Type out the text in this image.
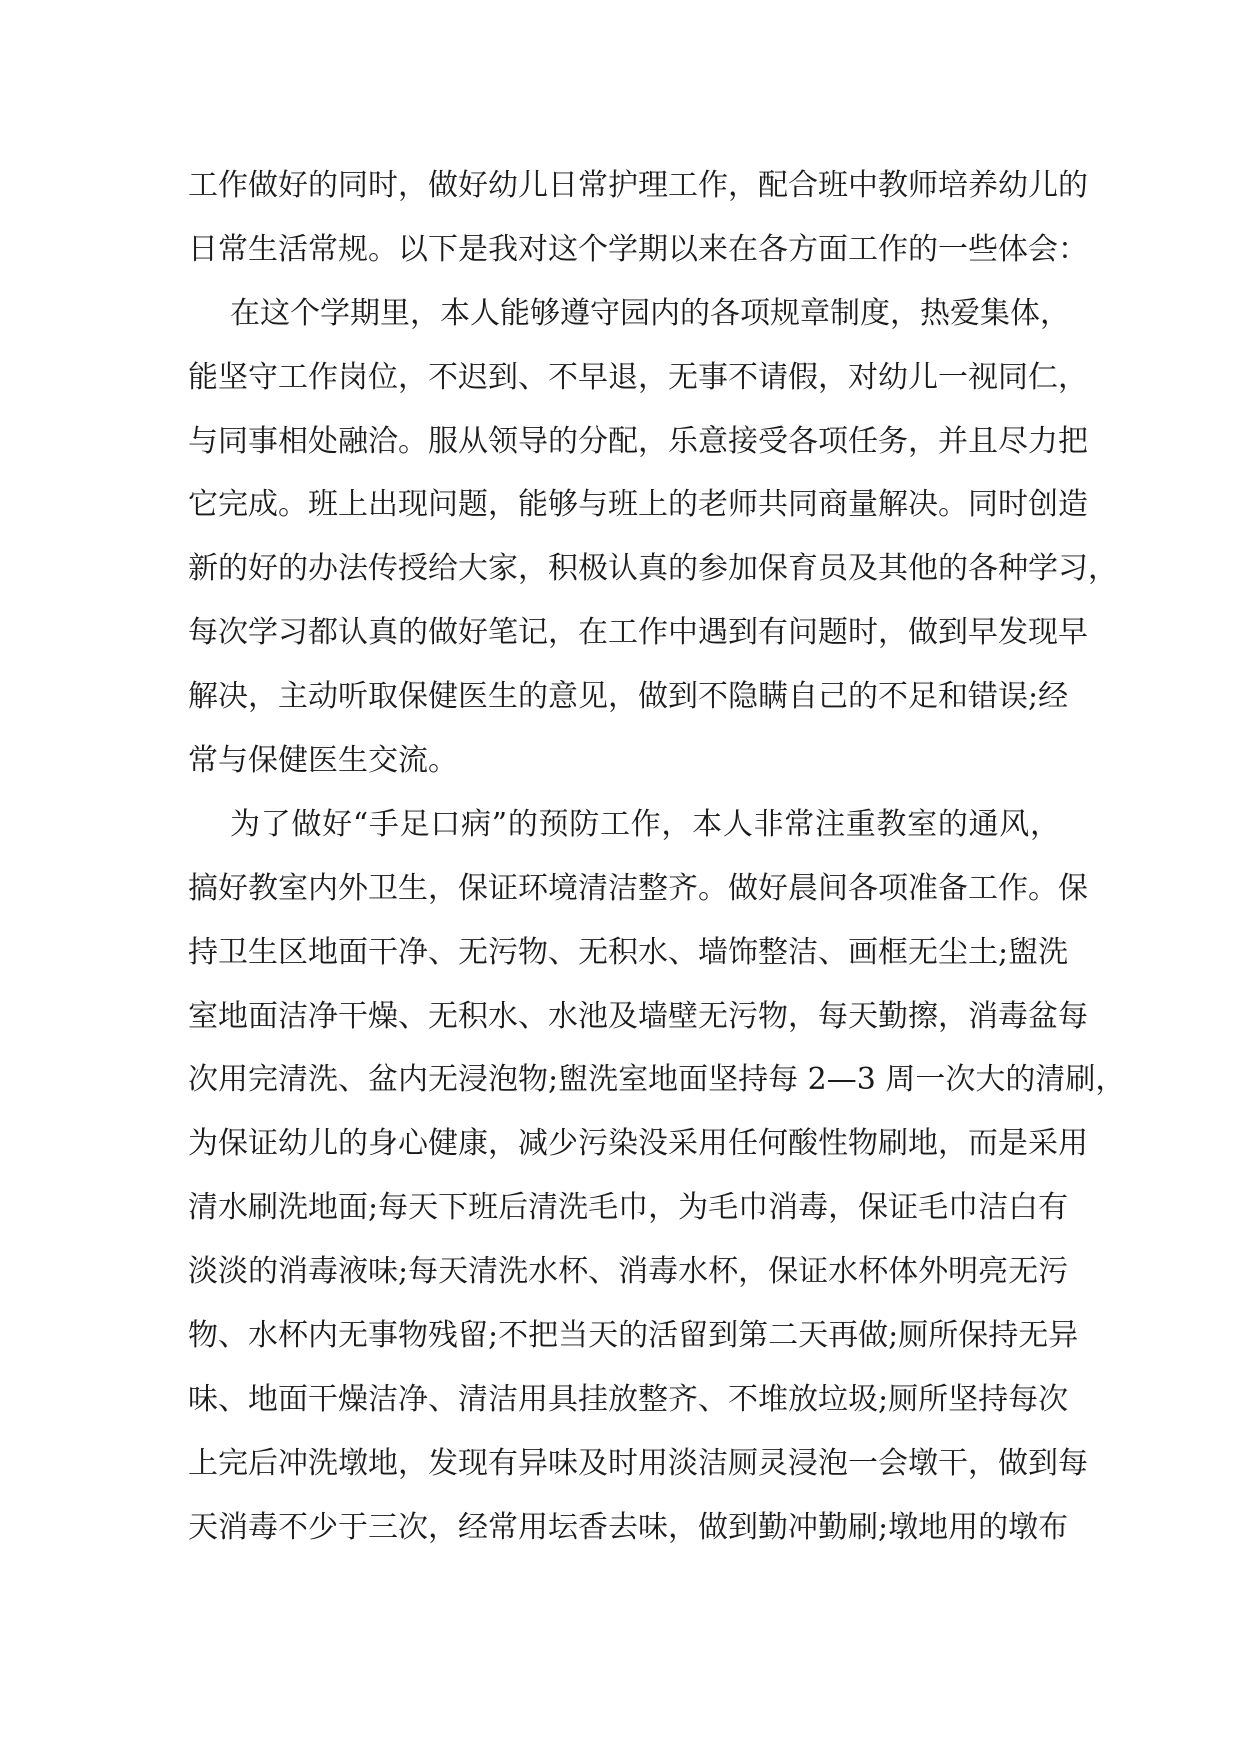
工作做好的同时，做好幼儿日常护理工作，配合班中教师培养幼儿的
日常生活常规。以下是我对这个学期以来在各方面工作的一些体会：
在这个学期里，本人能够遵守园内的各项规章制度，热爱集体，
能坚守工作岗位，不迟到、不早退，无事不请假，对幼儿一视同仁，
与同事相处融洽。服从领导的分配，乐意接受各项任务，并且尽力把
它完成。班上出现问题，能够与班上的老师共同商量解决。同时创造
新的好的办法传授给大家，积极认真的参加保育员及其他的各种学习，
每次学习都认真的做好笔记，在工作中遇到有问题时，做到早发现早
解决，主动听取保健医生的意见，做到不隐瞒自己的不足和错误;经
常与保健医生交流。
为了做好“手足口病”的预防工作，本人非常注重教室的通风，
搞好教室内外卫生，保证环境清洁整齐。做好晨间各项准备工作。保
持卫生区地面干净、无污物、无积水、墙饰整洁、画框无尘土;盥洗
室地面洁净干燥、无积水、水池及墙壁无污物，每天勤擦，消毒盆每
次用完清洗、盆内无浸泡物;盥洗室地面坚持每 2—3 周一次大的清刷，
为保证幼儿的身心健康，减少污染没采用任何酸性物刷地，而是采用
清水刷洗地面;每天下班后清洗毛巾，为毛巾消毒，保证毛巾洁白有
淡淡的消毒液味;每天清洗水杯、消毒水杯，保证水杯体外明亮无污
物、水杯内无事物残留;不把当天的活留到第二天再做;厕所保持无异
味、地面干燥洁净、清洁用具挂放整齐、不堆放垃圾;厕所坚持每次
上完后冲洗墩地，发现有异味及时用淡洁厕灵浸泡一会墩干，做到每
天消毒不少于三次，经常用坛香去味，做到勤冲勤刷;墩地用的墩布
